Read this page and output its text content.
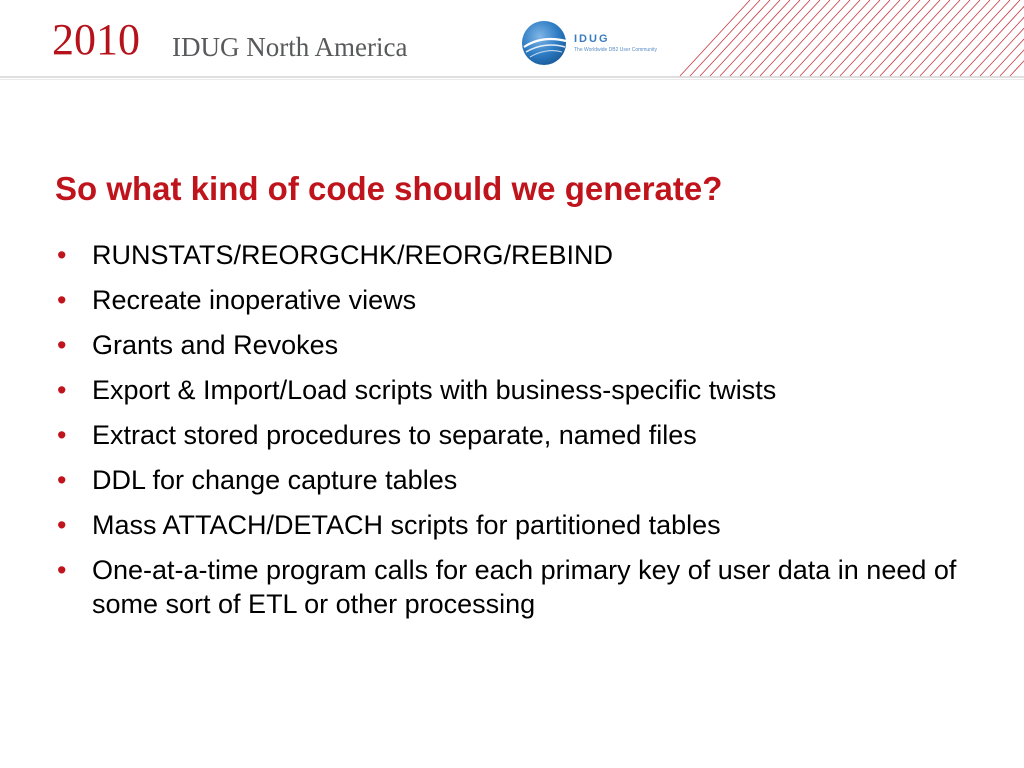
2010 IDUG North America	IDUG
The Worldwide DB2 User Community
So what kind of code should we generate?
• RUNSTATS/REORGCHK/REORG/REBIND
• Recreate inoperative views
• Grants and Revokes
• Export & Import/Load scripts with business-specific twists
• Extract stored procedures to separate, named files
• DDL for change capture tables
• Mass ATTACH/DETACH scripts for partitioned tables
• One-at-a-time program calls for each primary key of user data in need of some sort of ETL or other processing
